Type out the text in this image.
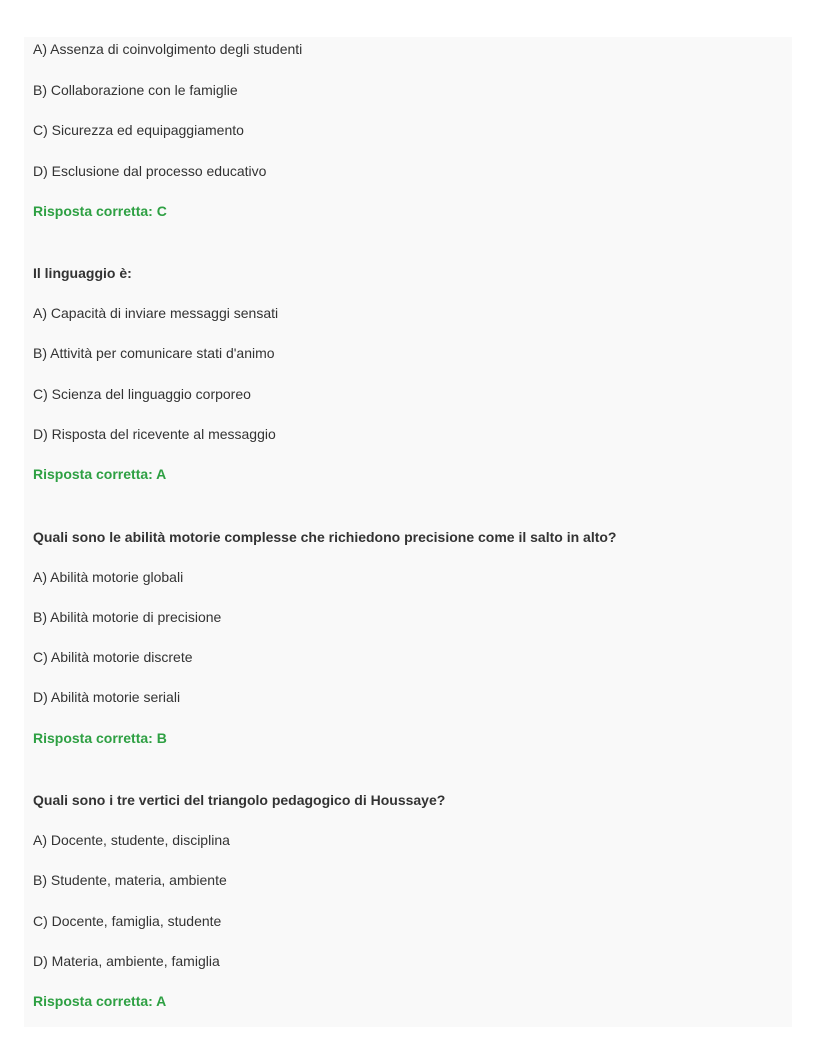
A) Assenza di coinvolgimento degli studenti
B) Collaborazione con le famiglie
C) Sicurezza ed equipaggiamento
D) Esclusione dal processo educativo
Risposta corretta: C
Il linguaggio è:
A) Capacità di inviare messaggi sensati
B) Attività per comunicare stati d'animo
C) Scienza del linguaggio corporeo
D) Risposta del ricevente al messaggio
Risposta corretta: A
Quali sono le abilità motorie complesse che richiedono precisione come il salto in alto?
A) Abilità motorie globali
B) Abilità motorie di precisione
C) Abilità motorie discrete
D) Abilità motorie seriali
Risposta corretta: B
Quali sono i tre vertici del triangolo pedagogico di Houssaye?
A) Docente, studente, disciplina
B) Studente, materia, ambiente
C) Docente, famiglia, studente
D) Materia, ambiente, famiglia
Risposta corretta: A
